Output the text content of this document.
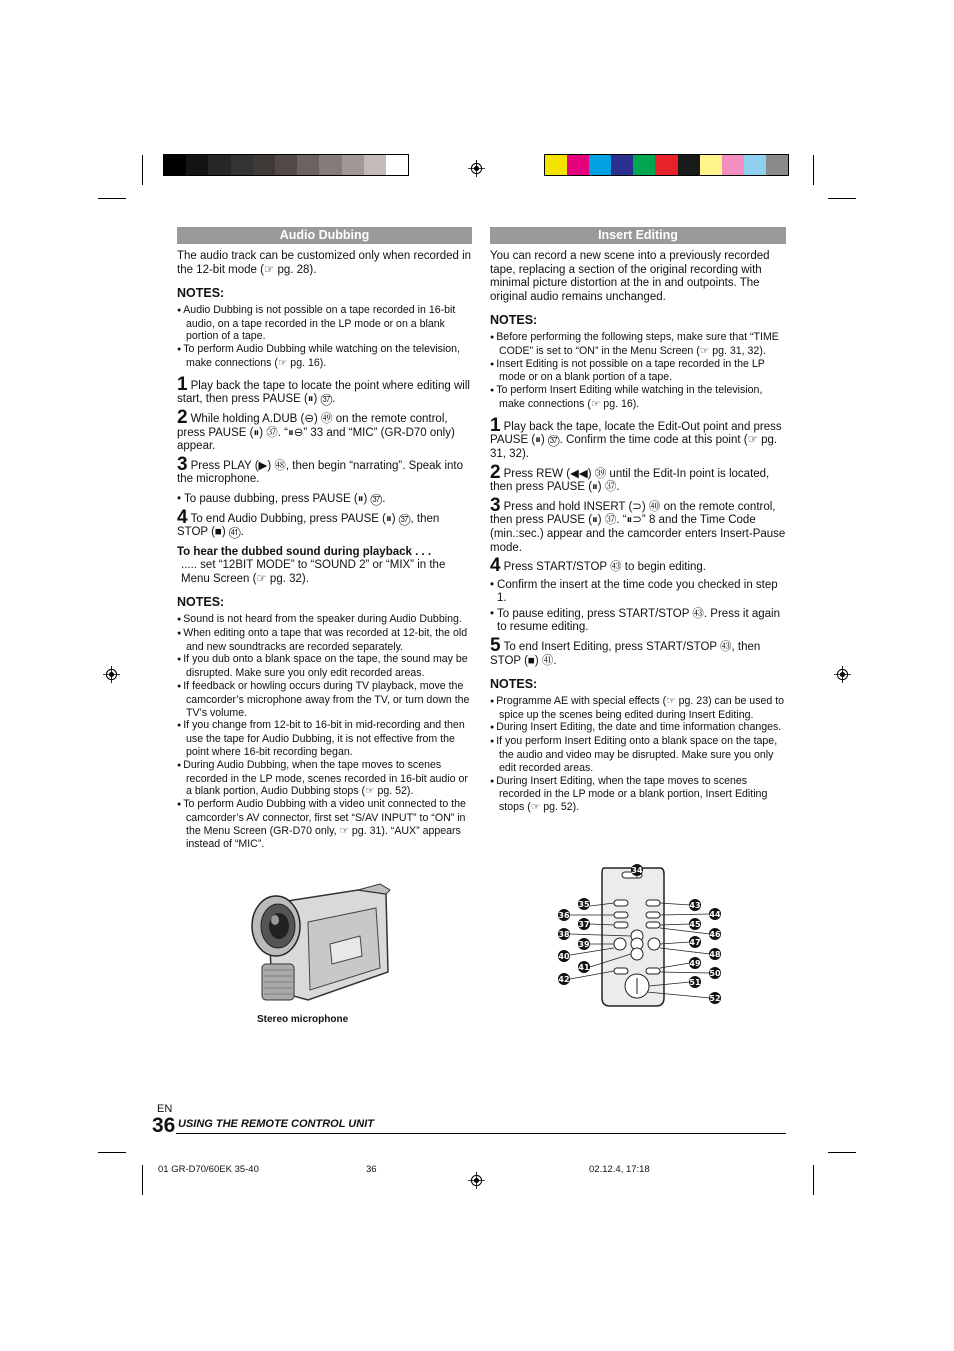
Audio Dubbing	Insert Editing

The audio track can be customized only when recorded in the 12-bit mode (☞ pg. 28).

NOTES:
● Audio Dubbing is not possible on a tape recorded in 16-bit audio, on a tape recorded in the LP mode or on a blank portion of a tape.
● To perform Audio Dubbing while watching on the television, make connections (☞ pg. 16).
1 Play back the tape to locate the point where editing will start, then press PAUSE (⏸) ㊲.
2 While holding A.DUB (⊖) ㊾ on the remote control, press PAUSE (⏸) ㊲. “⏸⊖” 33 and “MIC” (GR-D70 only) appear.
3 Press PLAY (▶) ㊽, then begin “narrating”. Speak into the microphone.
• To pause dubbing, press PAUSE (⏸) ㊲.
4 To end Audio Dubbing, press PAUSE (⏸) ㊲, then STOP (■) ㊶.
To hear the dubbed sound during playback . . .
..... set “12BIT MODE” to “SOUND 2” or “MIX” in the Menu Screen (☞ pg. 32).
NOTES:
● Sound is not heard from the speaker during Audio Dubbing.
● When editing onto a tape that was recorded at 12-bit, the old and new soundtracks are recorded separately.
● If you dub onto a blank space on the tape, the sound may be disrupted. Make sure you only edit recorded areas.
● If feedback or howling occurs during TV playback, move the camcorder’s microphone away from the TV, or turn down the TV’s volume.
● If you change from 12-bit to 16-bit in mid-recording and then use the tape for Audio Dubbing, it is not effective from the point where 16-bit recording began.
● During Audio Dubbing, when the tape moves to scenes recorded in the LP mode, scenes recorded in 16-bit audio or a blank portion, Audio Dubbing stops (☞ pg. 52).
● To perform Audio Dubbing with a video unit connected to the camcorder’s AV connector, first set “S/AV INPUT” to “ON” in the Menu Screen (GR-D70 only, ☞ pg. 31). “AUX” appears instead of “MIC”.

You can record a new scene into a previously recorded tape, replacing a section of the original recording with minimal picture distortion at the in and outpoints. The original audio remains unchanged.

NOTES:
● Before performing the following steps, make sure that “TIME CODE” is set to “ON” in the Menu Screen (☞ pg. 31, 32).
● Insert Editing is not possible on a tape recorded in the LP mode or on a blank portion of a tape.
● To perform Insert Editing while watching in the television, make connections (☞ pg. 16).
1 Play back the tape, locate the Edit-Out point and press PAUSE (⏸) ㊲. Confirm the time code at this point (☞ pg. 31, 32).
2 Press REW (◀◀) ㊴ until the Edit-In point is located, then press PAUSE (⏸) ㊲.
3 Press and hold INSERT (⊃) ㊵ on the remote control, then press PAUSE (⏸) ㊲. “⏸⊃” 8 and the Time Code (min.:sec.) appear and the camcorder enters Insert-Pause mode.
4 Press START/STOP ㊸ to begin editing.
• Confirm the insert at the time code you checked in step 1.
• To pause editing, press START/STOP ㊸. Press it again to resume editing.
5 To end Insert Editing, press START/STOP ㊸, then STOP (■) ㊶.
NOTES:
● Programme AE with special effects (☞ pg. 23) can be used to spice up the scenes being edited during Insert Editing.
● During Insert Editing, the date and time information changes.
● If you perform Insert Editing onto a blank space on the tape, the audio and video may be disrupted. Make sure you only edit recorded areas.
● During Insert Editing, when the tape moves to scenes recorded in the LP mode or a blank portion, Insert Editing stops (☞ pg. 52).
Stereo microphone
34
35
36
37
38
39
40
41
42
43
44
45
46
47
48
49
50
51
52
EN
36 USING THE REMOTE CONTROL UNIT
01 GR-D70/60EK 35-40	36	02.12.4, 17:18
